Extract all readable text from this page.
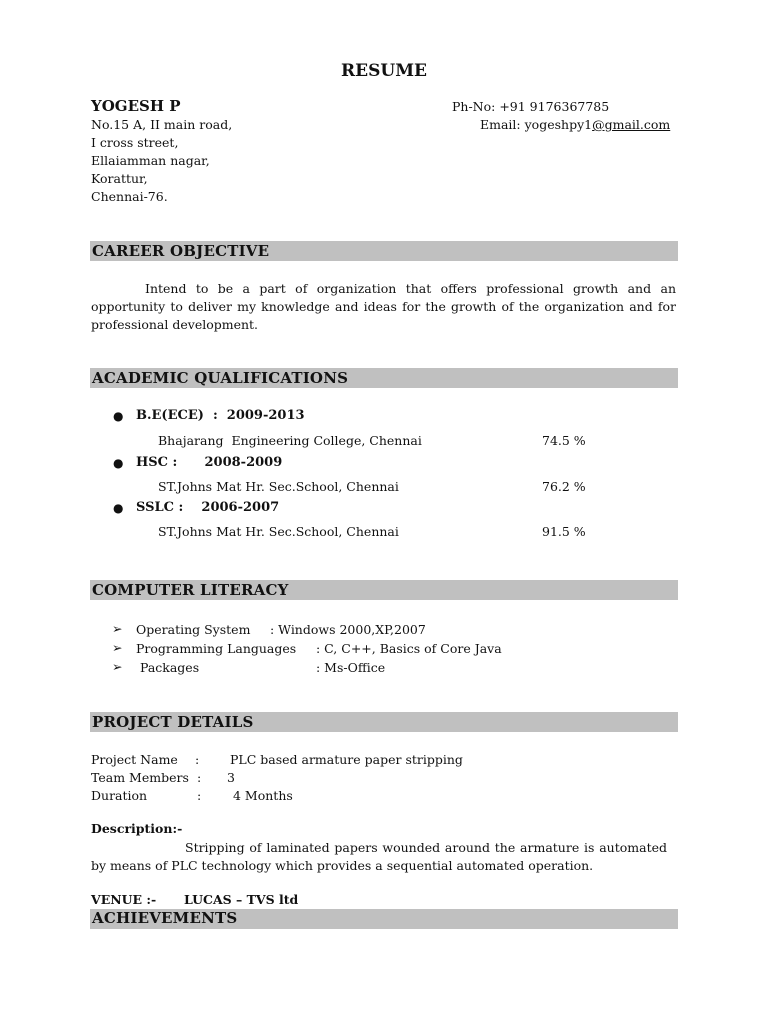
RESUME
YOGESH P	Ph-No: +91 9176367785
Email: yogeshpy1@gmail.com
No.15 A, II main road,
I cross street,
Ellaiamman nagar,
Korattur,
Chennai-76.
CAREER OBJECTIVE
Intend to be a part of organization that offers professional growth and an opportunity to deliver my knowledge and ideas for the growth of the organization and for professional development.
ACADEMIC QUALIFICATIONS
● B.E(ECE)  :  2009-2013
Bhajarang  Engineering College, Chennai	74.5 %
● HSC :      2008-2009
ST.Johns Mat Hr. Sec.School, Chennai	76.2 %
● SSLC :    2006-2007
ST.Johns Mat Hr. Sec.School, Chennai	91.5 %
COMPUTER LITERACY
➢ Operating System : Windows 2000,XP,2007
➢ Programming Languages : C, C++, Basics of Core Java
➢ Packages	: Ms-Office
PROJECT DETAILS
Project Name : PLC based armature paper stripping
Team Members : 3
Duration	:	4 Months
Description:-
Stripping of laminated papers wounded around the armature is automated by means of PLC technology which provides a sequential automated operation.
VENUE :- LUCAS – TVS ltd
ACHIEVEMENTS
